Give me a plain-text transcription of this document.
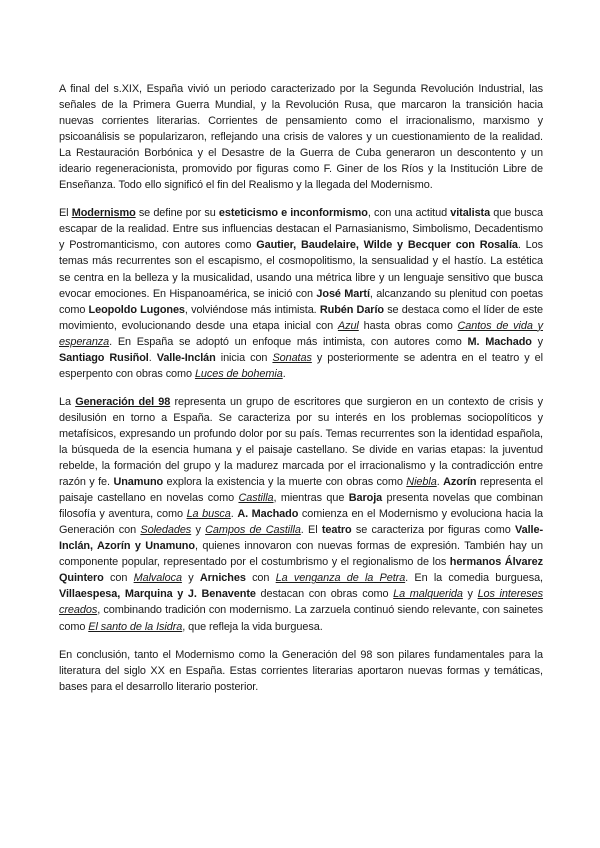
A final del s.XIX, España vivió un periodo caracterizado por la Segunda Revolución Industrial, las señales de la Primera Guerra Mundial, y la Revolución Rusa, que marcaron la transición hacia nuevas corrientes literarias. Corrientes de pensamiento como el irracionalismo, marxismo y psicoanálisis se popularizaron, reflejando una crisis de valores y un cuestionamiento de la realidad. La Restauración Borbónica y el Desastre de la Guerra de Cuba generaron un descontento y un ideario regeneracionista, promovido por figuras como F. Giner de los Ríos y la Institución Libre de Enseñanza. Todo ello significó el fin del Realismo y la llegada del Modernismo.

El Modernismo se define por su esteticismo e inconformismo, con una actitud vitalista que busca escapar de la realidad. Entre sus influencias destacan el Parnasianismo, Simbolismo, Decadentismo y Postromanticismo, con autores como Gautier, Baudelaire, Wilde y Becquer con Rosalía. Los temas más recurrentes son el escapismo, el cosmopolitismo, la sensualidad y el hastío. La estética se centra en la belleza y la musicalidad, usando una métrica libre y un lenguaje sensitivo que busca evocar emociones. En Hispanoamérica, se inició con José Martí, alcanzando su plenitud con poetas como Leopoldo Lugones, volviéndose más intimista. Rubén Darío se destaca como el líder de este movimiento, evolucionando desde una etapa inicial con Azul hasta obras como Cantos de vida y esperanza. En España se adoptó un enfoque más intimista, con autores como M. Machado y Santiago Rusiñol. Valle-Inclán inicia con Sonatas y posteriormente se adentra en el teatro y el esperpento con obras como Luces de bohemia.

La Generación del 98 representa un grupo de escritores que surgieron en un contexto de crisis y desilusión en torno a España. Se caracteriza por su interés en los problemas sociopolíticos y metafísicos, expresando un profundo dolor por su país. Temas recurrentes son la identidad española, la búsqueda de la esencia humana y el paisaje castellano. Se divide en varias etapas: la juventud rebelde, la formación del grupo y la madurez marcada por el irracionalismo y la contradicción entre razón y fe. Unamuno explora la existencia y la muerte con obras como Niebla. Azorín representa el paisaje castellano en novelas como Castilla, mientras que Baroja presenta novelas que combinan filosofía y aventura, como La busca. A. Machado comienza en el Modernismo y evoluciona hacia la Generación con Soledades y Campos de Castilla. El teatro se caracteriza por figuras como Valle-Inclán, Azorín y Unamuno, quienes innovaron con nuevas formas de expresión. También hay un componente popular, representado por el costumbrismo y el regionalismo de los hermanos Álvarez Quintero con Malvaloca y Arniches con La venganza de la Petra. En la comedia burguesa, Villaespesa, Marquina y J. Benavente destacan con obras como La malquerida y Los intereses creados, combinando tradición con modernismo. La zarzuela continuó siendo relevante, con sainetes como El santo de la Isidra, que refleja la vida burguesa.

En conclusión, tanto el Modernismo como la Generación del 98 son pilares fundamentales para la literatura del siglo XX en España. Estas corrientes literarias aportaron nuevas formas y temáticas, bases para el desarrollo literario posterior.
